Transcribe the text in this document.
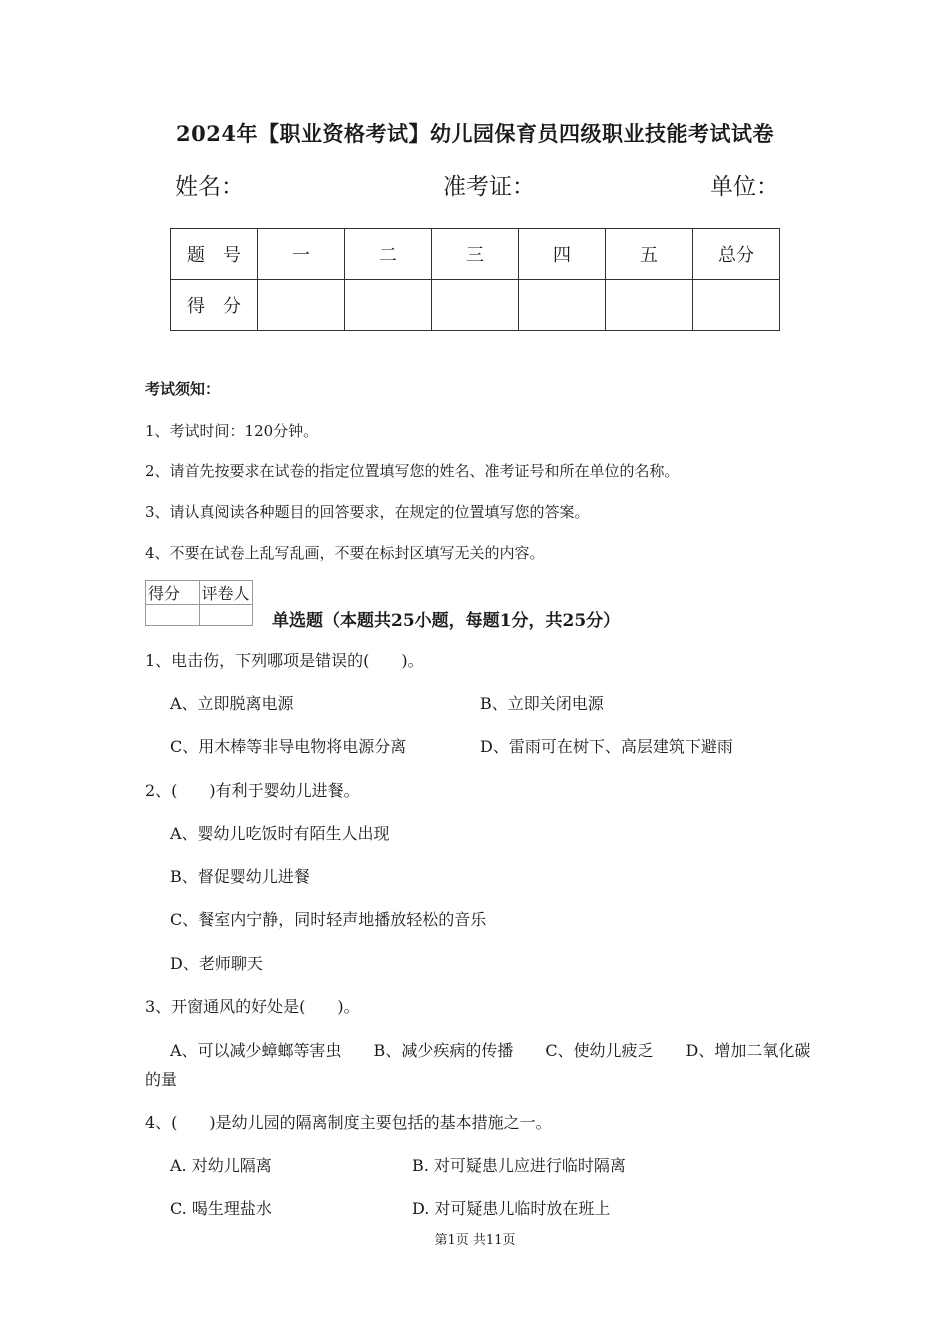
2024年【职业资格考试】幼儿园保育员四级职业技能考试试卷
姓名：	准考证：	单位：
题　号	一	二	三	四	五	总分
得　分						
考试须知：
1、考试时间：120分钟。
2、请首先按要求在试卷的指定位置填写您的姓名、准考证号和所在单位的名称。
3、请认真阅读各种题目的回答要求，在规定的位置填写您的答案。
4、不要在试卷上乱写乱画，不要在标封区填写无关的内容。
得分	评卷人

单选题（本题共25小题，每题1分，共25分）
1、电击伤，下列哪项是错误的(　　)。
A、立即脱离电源	B、立即关闭电源
C、用木棒等非导电物将电源分离	D、雷雨可在树下、高层建筑下避雨
2、(　　)有利于婴幼儿进餐。
A、婴幼儿吃饭时有陌生人出现
B、督促婴幼儿进餐
C、餐室内宁静，同时轻声地播放轻松的音乐
D、老师聊天
3、开窗通风的好处是(　　)。
A、可以减少蟑螂等害虫　　B、减少疾病的传播　　C、使幼儿疲乏　　D、增加二氧化碳
的量
4、(　　)是幼儿园的隔离制度主要包括的基本措施之一。
A. 对幼儿隔离	B. 对可疑患儿应进行临时隔离
C. 喝生理盐水	D. 对可疑患儿临时放在班上
第1页 共11页
